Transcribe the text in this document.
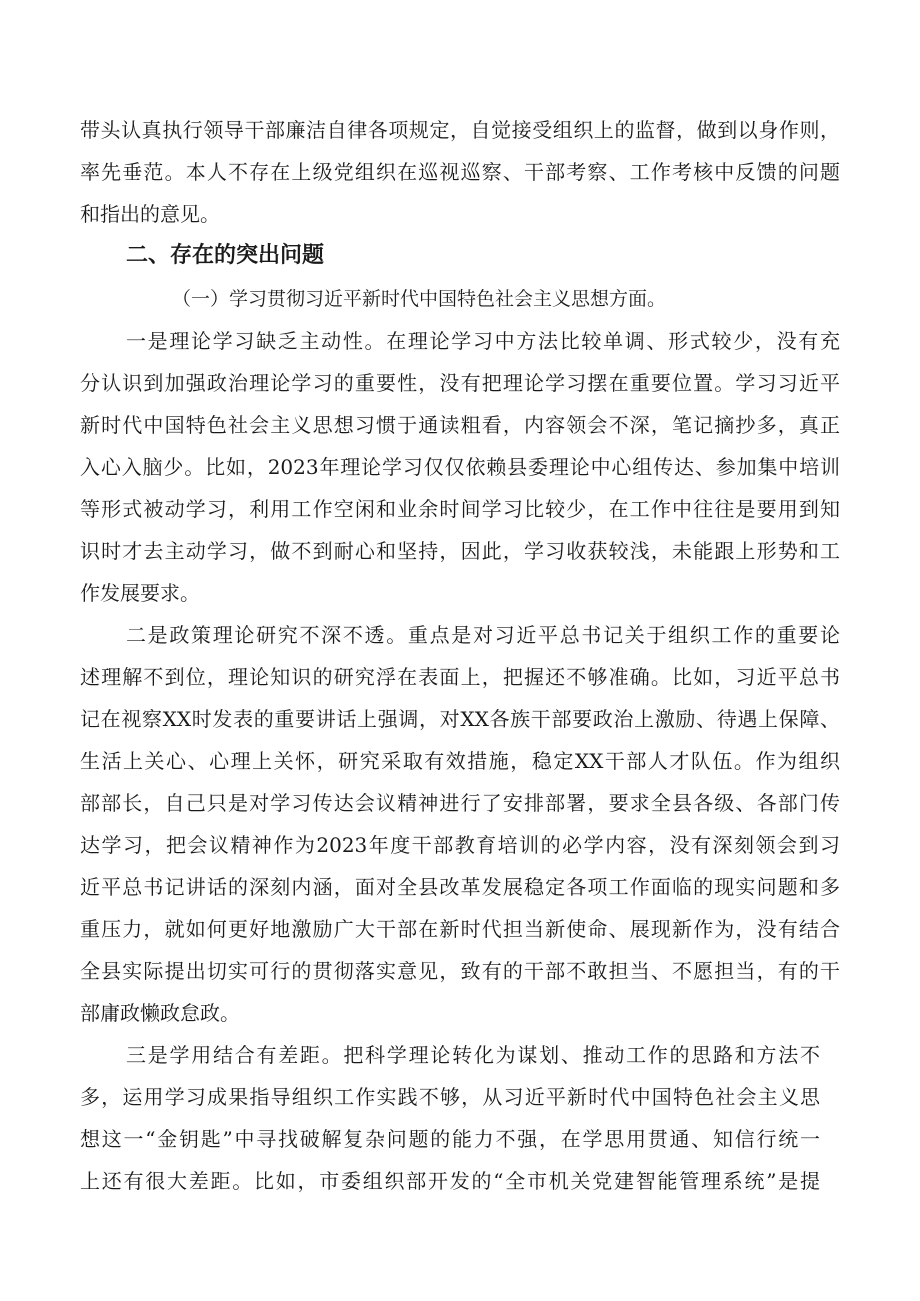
带头认真执行领导干部廉洁自律各项规定，自觉接受组织上的监督，做到以身作则，
率先垂范。本人不存在上级党组织在巡视巡察、干部考察、工作考核中反馈的问题
和指出的意见。
二、存在的突出问题
（一）学习贯彻习近平新时代中国特色社会主义思想方面。
一是理论学习缺乏主动性。在理论学习中方法比较单调、形式较少，没有充
分认识到加强政治理论学习的重要性，没有把理论学习摆在重要位置。学习习近平
新时代中国特色社会主义思想习惯于通读粗看，内容领会不深，笔记摘抄多，真正
入心入脑少。比如，2023年理论学习仅仅依赖县委理论中心组传达、参加集中培训
等形式被动学习，利用工作空闲和业余时间学习比较少，在工作中往往是要用到知
识时才去主动学习，做不到耐心和坚持，因此，学习收获较浅，未能跟上形势和工
作发展要求。
二是政策理论研究不深不透。重点是对习近平总书记关于组织工作的重要论
述理解不到位，理论知识的研究浮在表面上，把握还不够准确。比如，习近平总书
记在视察XX时发表的重要讲话上强调，对XX各族干部要政治上激励、待遇上保障、
生活上关心、心理上关怀，研究采取有效措施，稳定XX干部人才队伍。作为组织
部部长，自己只是对学习传达会议精神进行了安排部署，要求全县各级、各部门传
达学习，把会议精神作为2023年度干部教育培训的必学内容，没有深刻领会到习
近平总书记讲话的深刻内涵，面对全县改革发展稳定各项工作面临的现实问题和多
重压力，就如何更好地激励广大干部在新时代担当新使命、展现新作为，没有结合
全县实际提出切实可行的贯彻落实意见，致有的干部不敢担当、不愿担当，有的干
部庸政懒政怠政。
三是学用结合有差距。把科学理论转化为谋划、推动工作的思路和方法不
多，运用学习成果指导组织工作实践不够，从习近平新时代中国特色社会主义思
想这一“金钥匙”中寻找破解复杂问题的能力不强，在学思用贯通、知信行统一
上还有很大差距。比如，市委组织部开发的“全市机关党建智能管理系统”是提
